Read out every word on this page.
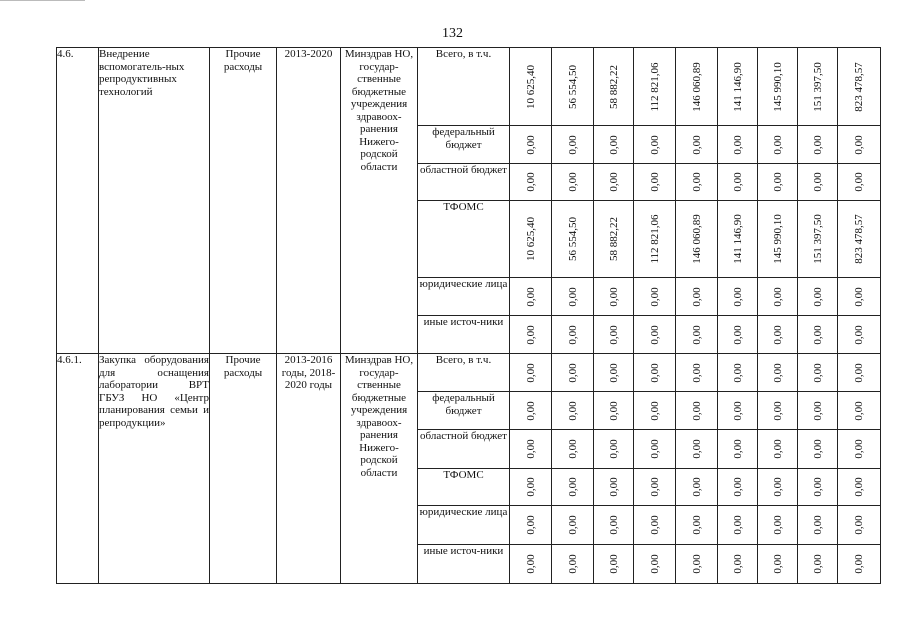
132
4.6.	Внедрение вспомогатель-ных репродуктивных технологий	Прочие расходы	2013-2020	Минздрав НО, государ-ственные бюджетные учреждения здравоох-ранения Нижего-родской области	Всего, в т.ч.	10 625,40	56 554,50	58 882,22	112 821,06	146 060,89	141 146,90	145 990,10	151 397,50	823 478,57

					федеральный бюджет	0,00	0,00	0,00	0,00	0,00	0,00	0,00	0,00	0,00

					областной бюджет	0,00	0,00	0,00	0,00	0,00	0,00	0,00	0,00	0,00

					ТФОМС	10 625,40	56 554,50	58 882,22	112 821,06	146 060,89	141 146,90	145 990,10	151 397,50	823 478,57

					юридические лица	0,00	0,00	0,00	0,00	0,00	0,00	0,00	0,00	0,00

					иные источ-ники	0,00	0,00	0,00	0,00	0,00	0,00	0,00	0,00	0,00

4.6.1.	Закупка оборудования для оснащения лаборатории ВРТ ГБУЗ НО «Центр планирования семьи и репродукции»	Прочие расходы	2013-2016 годы, 2018-2020 годы	Минздрав НО, государ-ственные бюджетные учреждения здравоох-ранения Нижего-родской области	Всего, в т.ч.	0,00	0,00	0,00	0,00	0,00	0,00	0,00	0,00	0,00

					федеральный бюджет	0,00	0,00	0,00	0,00	0,00	0,00	0,00	0,00	0,00

					областной бюджет	0,00	0,00	0,00	0,00	0,00	0,00	0,00	0,00	0,00

					ТФОМС	0,00	0,00	0,00	0,00	0,00	0,00	0,00	0,00	0,00

					юридические лица	0,00	0,00	0,00	0,00	0,00	0,00	0,00	0,00	0,00

					иные источ-ники	0,00	0,00	0,00	0,00	0,00	0,00	0,00	0,00	0,00
